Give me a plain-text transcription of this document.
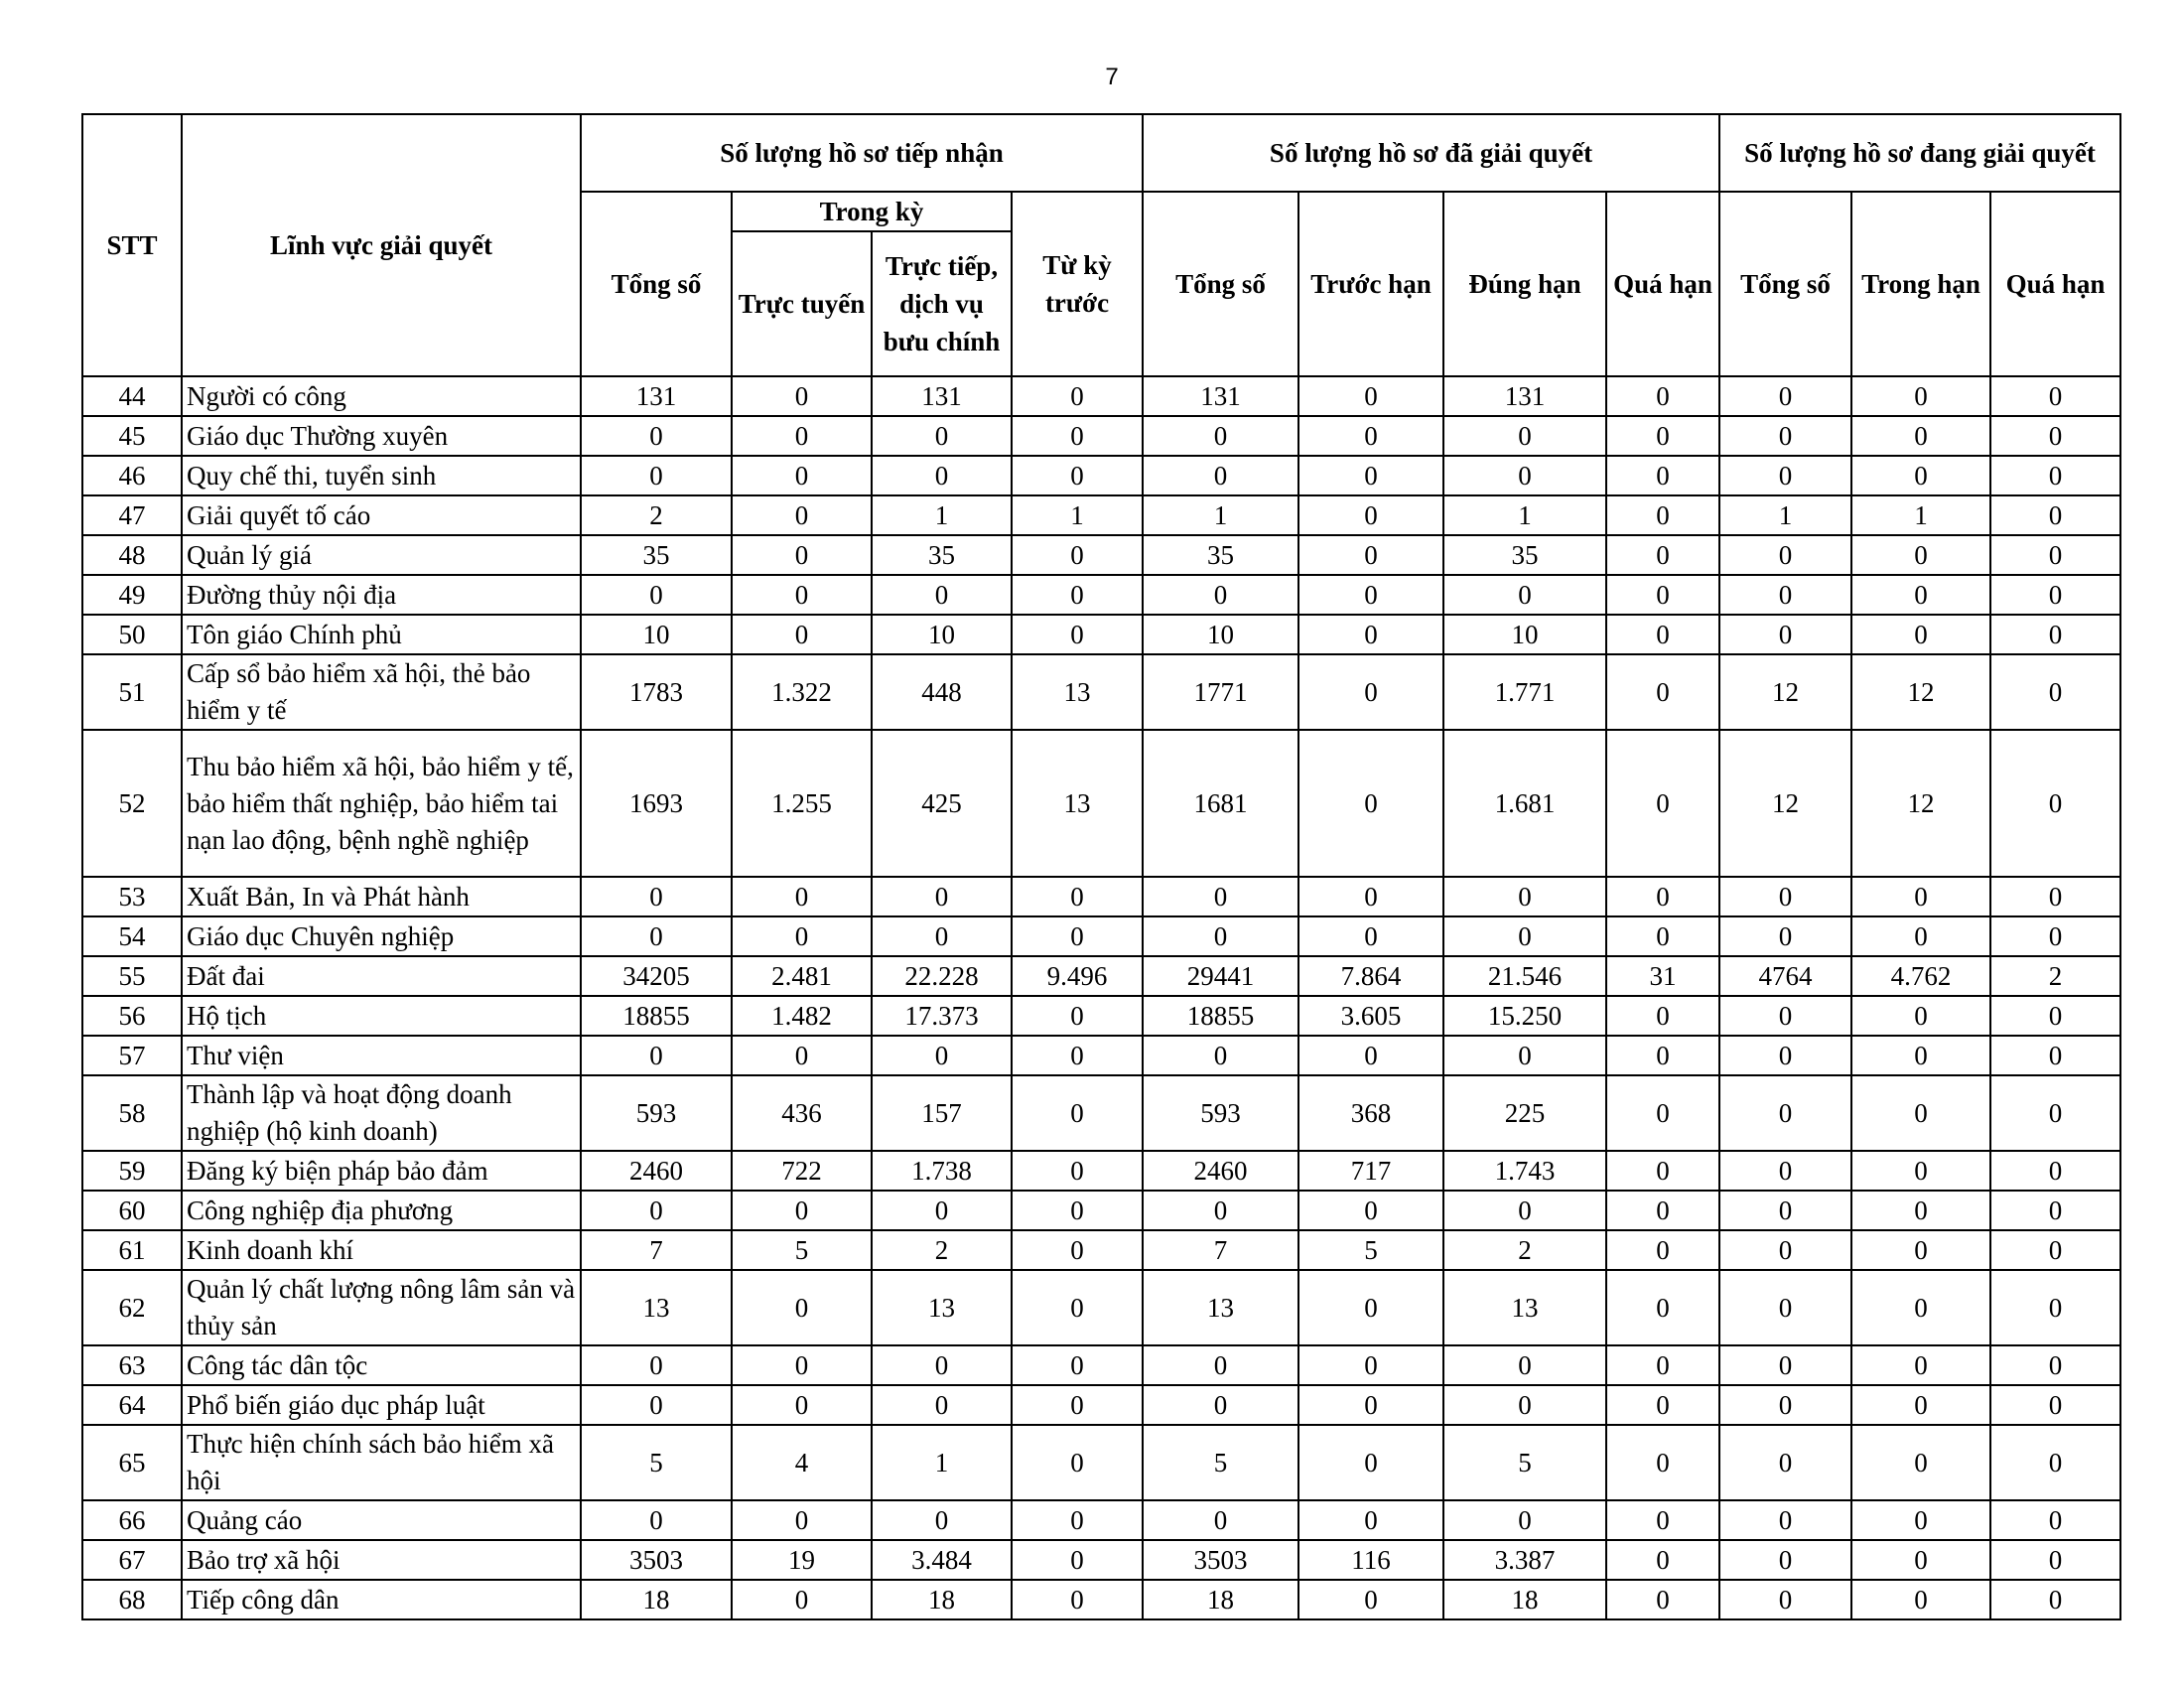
7
STT	Lĩnh vực giải quyết	Số lượng hồ sơ tiếp nhận				Số lượng hồ sơ đã giải quyết				Số lượng hồ sơ đang giải quyết		
		Tổng số	Trong kỳ		Từ kỳ trước	Tổng số	Trước hạn	Đúng hạn	Quá hạn	Tổng số	Trong hạn	Quá hạn
			Trực tuyến	Trực tiếp, dịch vụ bưu chính								
44	Người có công	131	0	131	0	131	0	131	0	0	0	0
45	Giáo dục Thường xuyên	0	0	0	0	0	0	0	0	0	0	0
46	Quy chế thi, tuyển sinh	0	0	0	0	0	0	0	0	0	0	0
47	Giải quyết tố cáo	2	0	1	1	1	0	1	0	1	1	0
48	Quản lý giá	35	0	35	0	35	0	35	0	0	0	0
49	Đường thủy nội địa	0	0	0	0	0	0	0	0	0	0	0
50	Tôn giáo Chính phủ	10	0	10	0	10	0	10	0	0	0	0
51	Cấp sổ bảo hiểm xã hội, thẻ bảo hiểm y tế	1783	1.322	448	13	1771	0	1.771	0	12	12	0
52	Thu bảo hiểm xã hội, bảo hiểm y tế, bảo hiểm thất nghiệp, bảo hiểm tai nạn lao động, bệnh nghề nghiệp	1693	1.255	425	13	1681	0	1.681	0	12	12	0
53	Xuất Bản, In và Phát hành	0	0	0	0	0	0	0	0	0	0	0
54	Giáo dục Chuyên nghiệp	0	0	0	0	0	0	0	0	0	0	0
55	Đất đai	34205	2.481	22.228	9.496	29441	7.864	21.546	31	4764	4.762	2
56	Hộ tịch	18855	1.482	17.373	0	18855	3.605	15.250	0	0	0	0
57	Thư viện	0	0	0	0	0	0	0	0	0	0	0
58	Thành lập và hoạt động doanh nghiệp (hộ kinh doanh)	593	436	157	0	593	368	225	0	0	0	0
59	Đăng ký biện pháp bảo đảm	2460	722	1.738	0	2460	717	1.743	0	0	0	0
60	Công nghiệp địa phương	0	0	0	0	0	0	0	0	0	0	0
61	Kinh doanh khí	7	5	2	0	7	5	2	0	0	0	0
62	Quản lý chất lượng nông lâm sản và thủy sản	13	0	13	0	13	0	13	0	0	0	0
63	Công tác dân tộc	0	0	0	0	0	0	0	0	0	0	0
64	Phổ biến giáo dục pháp luật	0	0	0	0	0	0	0	0	0	0	0
65	Thực hiện chính sách bảo hiểm xã hội	5	4	1	0	5	0	5	0	0	0	0
66	Quảng cáo	0	0	0	0	0	0	0	0	0	0	0
67	Bảo trợ xã hội	3503	19	3.484	0	3503	116	3.387	0	0	0	0
68	Tiếp công dân	18	0	18	0	18	0	18	0	0	0	0
